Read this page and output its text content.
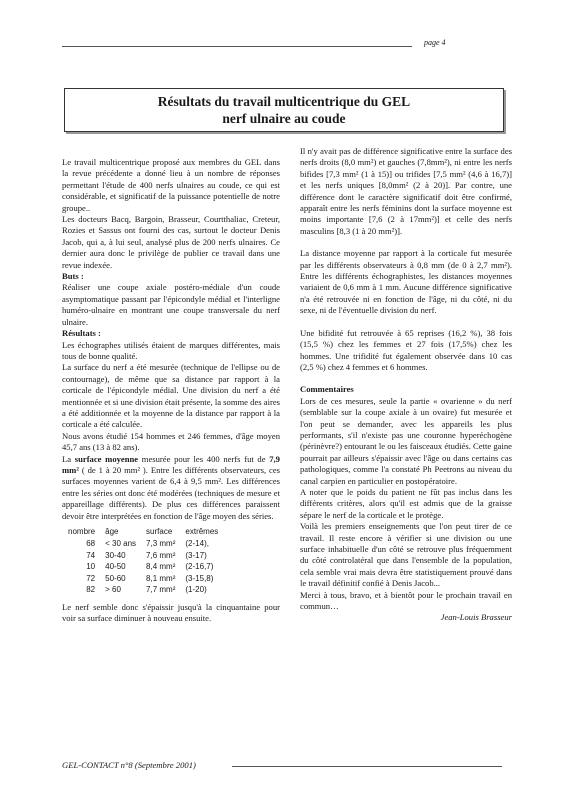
page 4
Résultats du travail multicentrique du GEL
nerf ulnaire au coude

Le travail multicentrique proposé aux membres du GEL dans la revue précédente a donné lieu à un nombre de réponses permettant l'étude de 400 nerfs ulnaires au coude, ce qui est considérable, et significatif de la puissance potentielle de notre groupe..

Les docteurs Bacq, Bargoin, Brasseur, Courtthaliac, Creteur, Rozies et Sassus ont fourni des cas, surtout le docteur Denis Jacob, qui a, à lui seul, analysé plus de 200 nerfs ulnaires. Ce dernier aura donc le privilège de publier ce travail dans une revue indexée.

Buts :

Réaliser une coupe axiale postéro-médiale d'un coude asymptomatique passant par l'épicondyle médial et l'interligne huméro-ulnaire en montrant une coupe transversale du nerf ulnaire.

Résultats :

Les échographes utilisés étaient de marques différentes, mais tous de bonne qualité.

La surface du nerf a été mesurée (technique de l'ellipse ou de contournage), de même que sa distance par rapport à la corticale de l'épicondyle médial. Une division du nerf a été mentionnée et si une division était présente, la somme des aires a été additionnée et la moyenne de la distance par rapport à la corticale a été calculée.

Nous avons étudié 154 hommes et 246 femmes, d'âge moyen 45,7 ans (13 à 82 ans).

La surface moyenne mesurée pour les 400 nerfs fut de 7,9 mm² ( de 1 à 20 mm² ). Entre les différents observateurs, ces surfaces moyennes varient de 6,4 à 9,5 mm². Les différences entre les séries ont donc été modérées (techniques de mesure et appareillage différents). De plus ces différences paraissent devoir être interprétées en fonction de l'âge moyen des séries.

nombre	âge	surface	extrêmes
68	< 30 ans	7,3 mm²	(2-14),
74	30-40	7,6 mm²	(3-17)
10	40-50	8,4 mm²	(2-16,7)
72	50-60	8,1 mm²	(3-15,8)
82	> 60	7,7 mm²	(1-20)

Le nerf semble donc s'épaissir jusqu'à la cinquantaine pour voir sa surface diminuer à nouveau ensuite.

Il n'y avait pas de différence significative entre la surface des nerfs droits (8,0 mm²) et gauches (7,8mm²), ni entre les nerfs bifides [7,3 mm² (1 à 15)] ou trifides [7,5 mm² (4,6 à 16,7)] et les nerfs uniques [8,0mm² (2 à 20)]. Par contre, une différence dont le caractère significatif doit être confirmé, apparaît entre les nerfs féminins dont la surface moyenne est moins importante [7,6 (2 à 17mm²)] et celle des nerfs masculins [8,3 (1 à 20 mm²)].

La distance moyenne par rapport à la corticale fut mesurée par les différents observateurs à 0,8 mm (de 0 à 2,7 mm²). Entre les différents échographistes, les distances moyennes variaient de 0,6 mm à 1 mm. Aucune différence significative n'a été retrouvée ni en fonction de l'âge, ni du côté, ni du sexe, ni de l'éventuelle division du nerf.

Une bifidité fut retrouvée à 65 reprises (16,2 %), 38 fois (15,5 %) chez les femmes et 27 fois (17,5%) chez les hommes. Une trifidité fut également observée dans 10 cas (2,5 %) chez 4 femmes et 6 hommes.

Commentaires

Lors de ces mesures, seule la partie « ovarienne » du nerf (semblable sur la coupe axiale à un ovaire) fut mesurée et l'on peut se demander, avec les appareils les plus performants, s'il n'existe pas une couronne hyperéchogène (périnèvre?) entourant le ou les faisceaux étudiés. Cette gaine pourrait par ailleurs s'épaissir avec l'âge ou dans certains cas pathologiques, comme l'a constaté Ph Peetrons au niveau du canal carpien en particulier en postopératoire.

A noter que le poids du patient ne fût pas inclus dans les différents critères, alors qu'il est admis que de la graisse sépare le nerf de la corticale et le protège.

Voilà les premiers enseignements que l'on peut tirer de ce travail. Il reste encore à vérifier si une division ou une surface inhabituelle d'un côté se retrouve plus fréquemment du côté controlatéral que dans l'ensemble de la population, cela semble vrai mais devra être statistiquement prouvé dans le travail définitif confié à Denis Jacob...

Merci à tous, bravo, et à bientôt pour le prochain travail en commun…

Jean-Louis Brasseur

GEL-CONTACT n°8 (Septembre 2001)
